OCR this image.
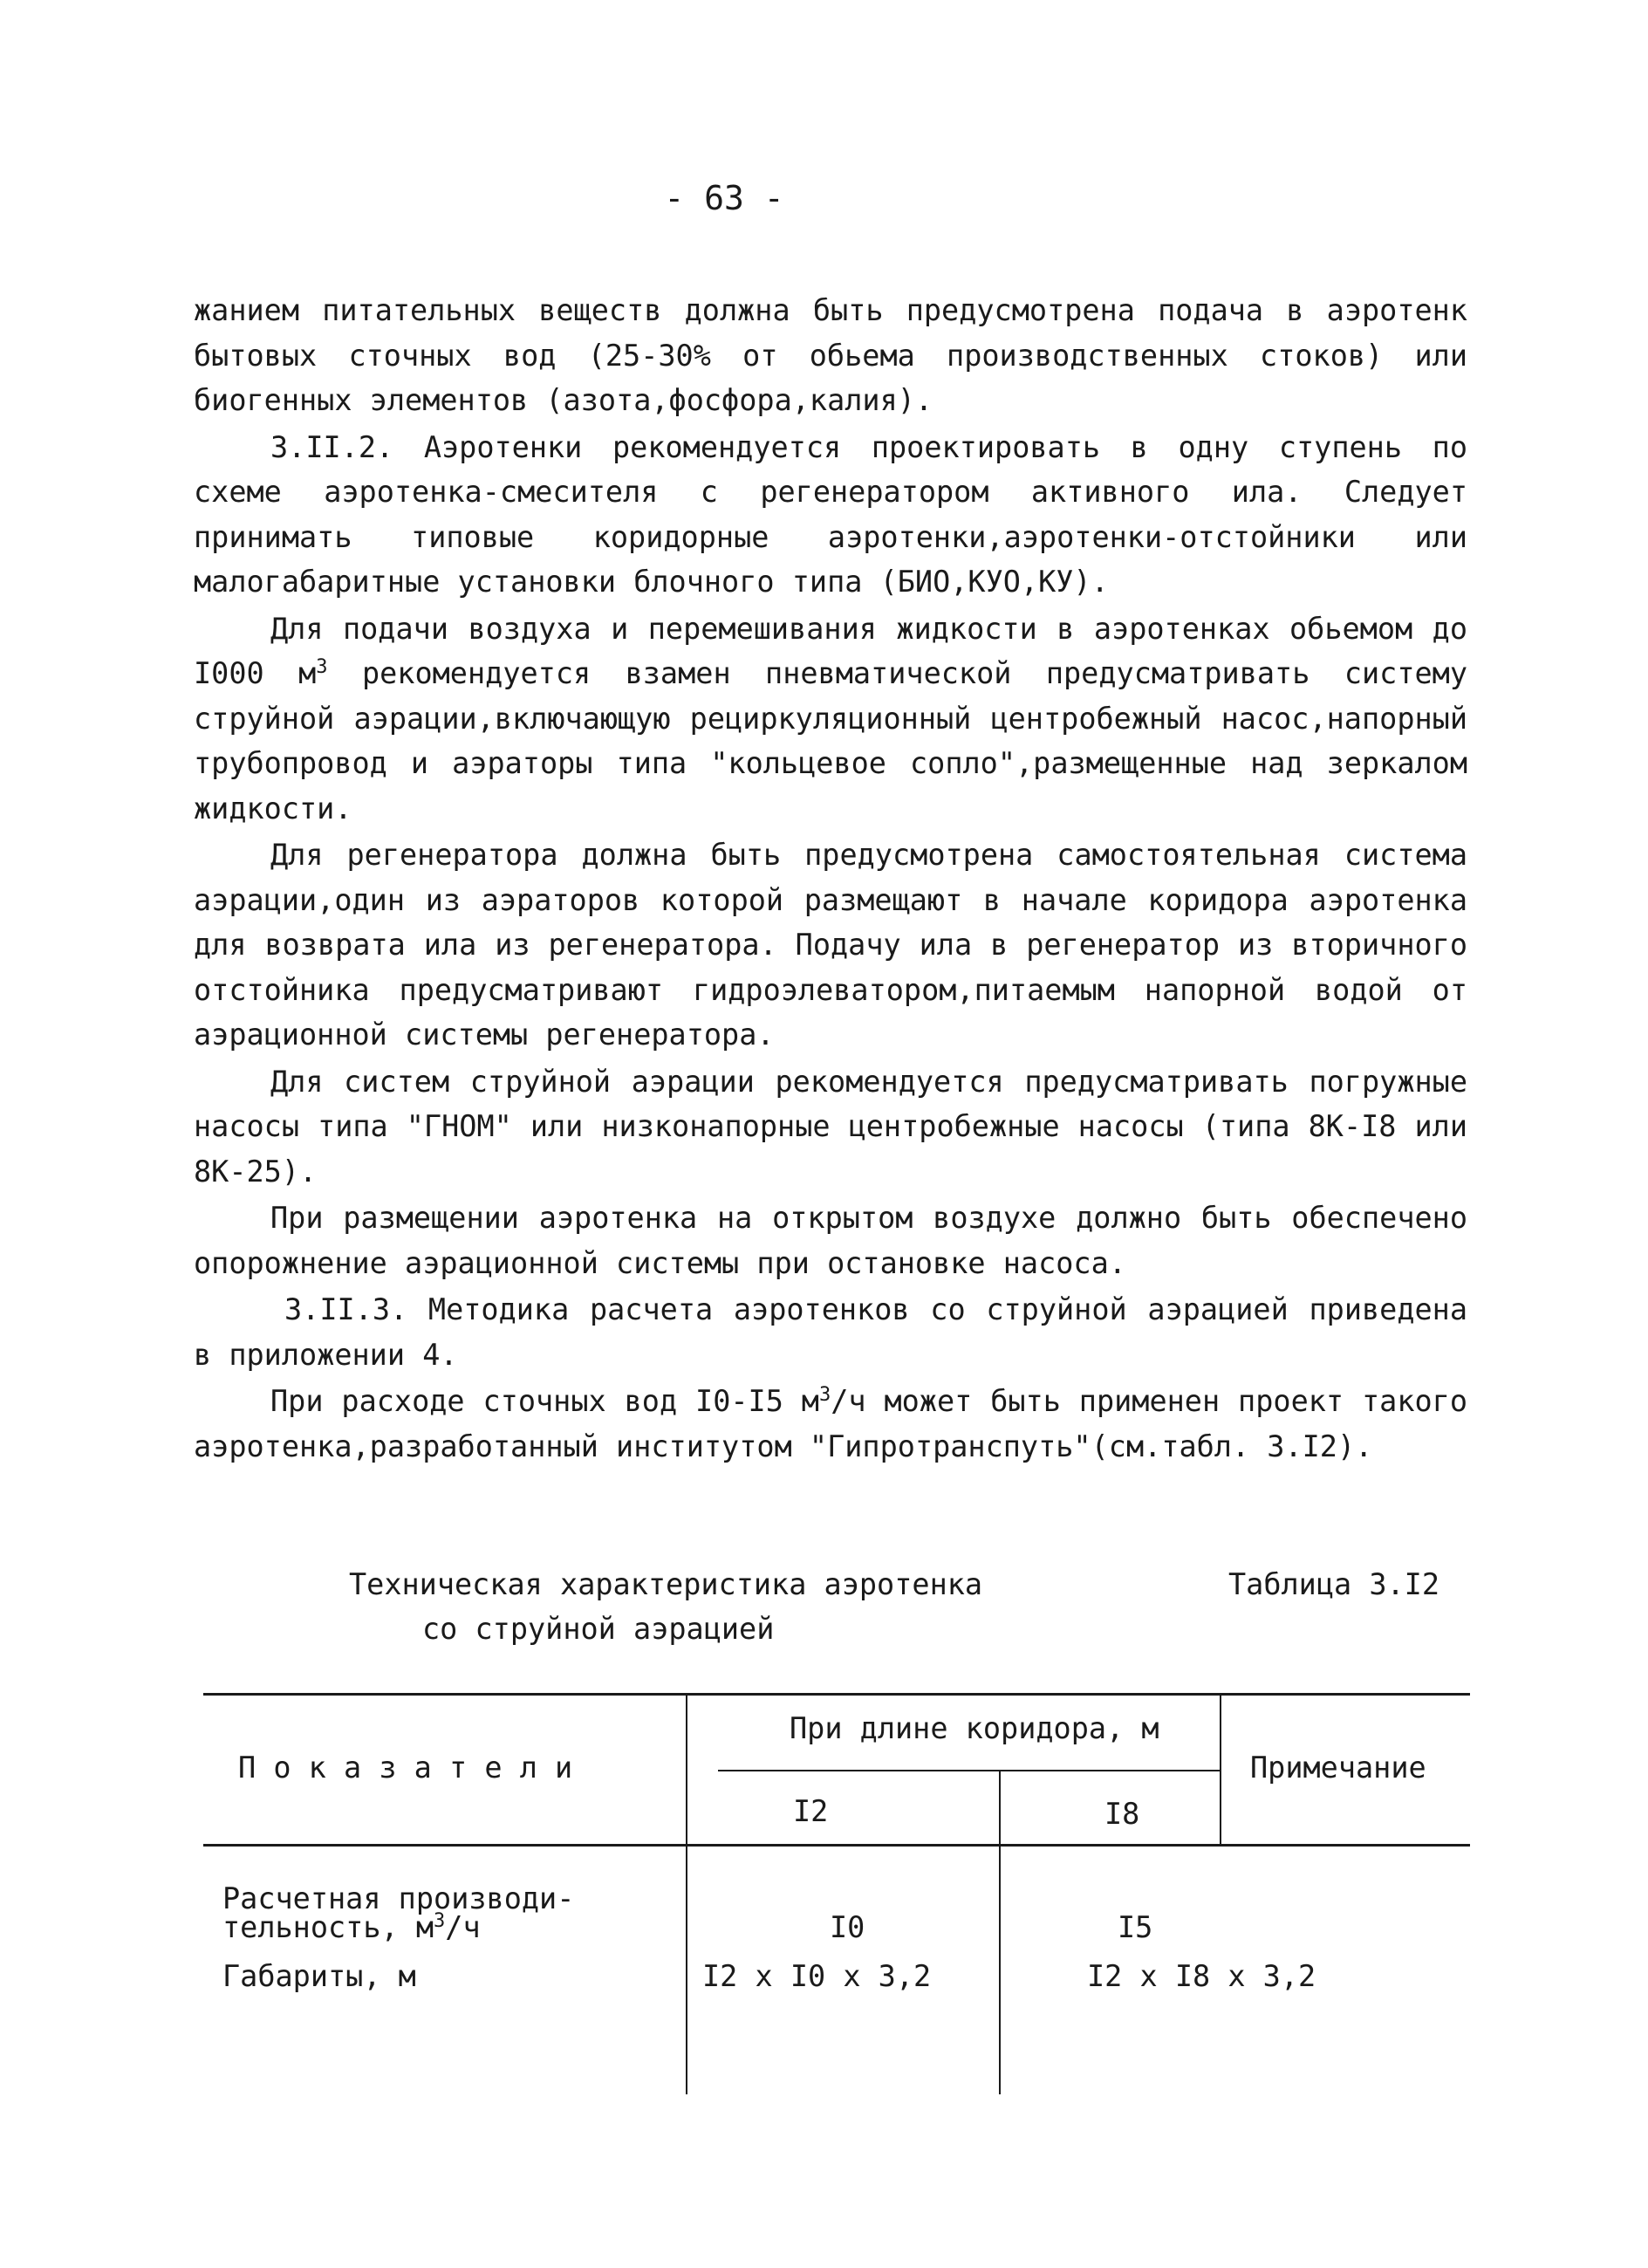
- 63 -

жанием питательных веществ должна быть предусмотрена подача в аэротенк бытовых сточных вод (25-30% от обьема производственных стоков) или биогенных элементов (азота,фосфора,калия).

3.II.2. Аэротенки рекомендуется проектировать в одну ступень по схеме аэротенка-смесителя с регенератором активного ила. Следует принимать типовые коридорные аэротенки,аэротенки-отстойники или малогабаритные установки блочного типа (БИО,КУО,КУ).

Для подачи воздуха и перемешивания жидкости в аэротенках обьемом до I000 $м^3$ рекомендуется взамен пневматической предусматривать систему струйной аэрации,включающую рециркуляционный центробежный насос,напорный трубопровод и аэраторы типа "кольцевое сопло",размещенные над зеркалом жидкости.

Для регенератора должна быть предусмотрена самостоятельная система аэрации,один из аэраторов которой размещают в начале коридора аэротенка для возврата ила из регенератора. Подачу ила в регенератор из вторичного отстойника предусматривают гидроэлеватором,питаемым напорной водой от аэрационной системы регенератора.

Для систем струйной аэрации рекомендуется предусматривать погружные насосы типа "ГНОМ" или низконапорные центробежные насосы (типа 8К-I8 или 8К-25).

При размещении аэротенка на открытом воздухе должно быть обеспечено опорожнение аэрационной системы при остановке насоса.

3.II.3. Методика расчета аэротенков со струйной аэрацией приведена в приложении 4.

При расходе сточных вод I0-I5 $м^3/ч$ может быть применен проект такого аэротенка,разработанный институтом "Гипротранспуть"(см.табл. 3.I2).

Техническая характеристика аэротенка
со струйной аэрацией
Таблица 3.I2
П о к а з а т е л и
При длине коридора, м
I2	I8
Примечание
Расчетная производи-
тельность, $м^3/ч$	I0	I5
Габариты, м	I2 х I0 х 3,2	I2 х I8 х 3,2
